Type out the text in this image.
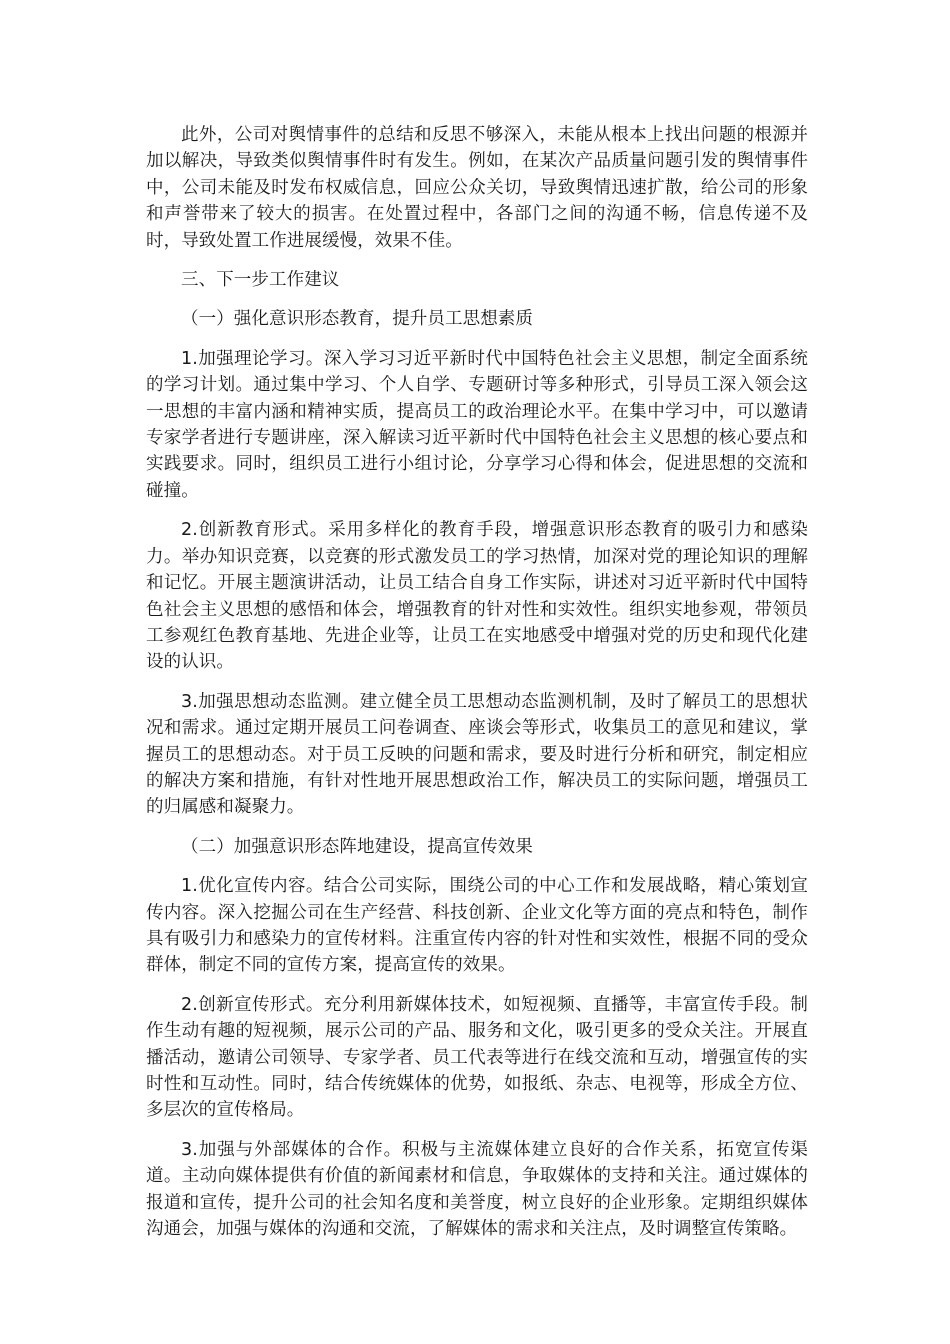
此外，公司对舆情事件的总结和反思不够深入，未能从根本上找出问题的根源并加以解决，导致类似舆情事件时有发生。例如，在某次产品质量问题引发的舆情事件中，公司未能及时发布权威信息，回应公众关切，导致舆情迅速扩散，给公司的形象和声誉带来了较大的损害。在处置过程中，各部门之间的沟通不畅，信息传递不及时，导致处置工作进展缓慢，效果不佳。

三、下一步工作建议

（一）强化意识形态教育，提升员工思想素质

1.加强理论学习。深入学习习近平新时代中国特色社会主义思想，制定全面系统的学习计划。通过集中学习、个人自学、专题研讨等多种形式，引导员工深入领会这一思想的丰富内涵和精神实质，提高员工的政治理论水平。在集中学习中，可以邀请专家学者进行专题讲座，深入解读习近平新时代中国特色社会主义思想的核心要点和实践要求。同时，组织员工进行小组讨论，分享学习心得和体会，促进思想的交流和碰撞。

2.创新教育形式。采用多样化的教育手段，增强意识形态教育的吸引力和感染力。举办知识竞赛，以竞赛的形式激发员工的学习热情，加深对党的理论知识的理解和记忆。开展主题演讲活动，让员工结合自身工作实际，讲述对习近平新时代中国特色社会主义思想的感悟和体会，增强教育的针对性和实效性。组织实地参观，带领员工参观红色教育基地、先进企业等，让员工在实地感受中增强对党的历史和现代化建设的认识。

3.加强思想动态监测。建立健全员工思想动态监测机制，及时了解员工的思想状况和需求。通过定期开展员工问卷调查、座谈会等形式，收集员工的意见和建议，掌握员工的思想动态。对于员工反映的问题和需求，要及时进行分析和研究，制定相应的解决方案和措施，有针对性地开展思想政治工作，解决员工的实际问题，增强员工的归属感和凝聚力。

（二）加强意识形态阵地建设，提高宣传效果

1.优化宣传内容。结合公司实际，围绕公司的中心工作和发展战略，精心策划宣传内容。深入挖掘公司在生产经营、科技创新、企业文化等方面的亮点和特色，制作具有吸引力和感染力的宣传材料。注重宣传内容的针对性和实效性，根据不同的受众群体，制定不同的宣传方案，提高宣传的效果。

2.创新宣传形式。充分利用新媒体技术，如短视频、直播等，丰富宣传手段。制作生动有趣的短视频，展示公司的产品、服务和文化，吸引更多的受众关注。开展直播活动，邀请公司领导、专家学者、员工代表等进行在线交流和互动，增强宣传的实时性和互动性。同时，结合传统媒体的优势，如报纸、杂志、电视等，形成全方位、多层次的宣传格局。

3.加强与外部媒体的合作。积极与主流媒体建立良好的合作关系，拓宽宣传渠道。主动向媒体提供有价值的新闻素材和信息，争取媒体的支持和关注。通过媒体的报道和宣传，提升公司的社会知名度和美誉度，树立良好的企业形象。定期组织媒体沟通会，加强与媒体的沟通和交流，了解媒体的需求和关注点，及时调整宣传策略。
